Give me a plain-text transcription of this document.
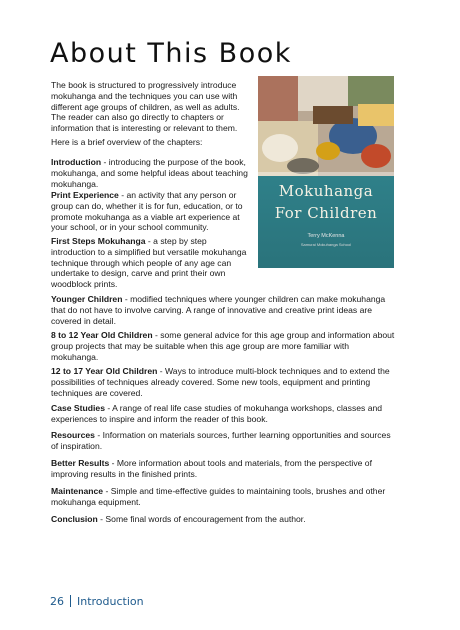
About This Book

The book is structured to progressively introduce mokuhanga and the techniques you can use with different age groups of children, as well as adults. The reader can also go directly to chapters or information that is interesting or relevant to them.

Here is a brief overview of the chapters:

Introduction - introducing the purpose of the book, mokuhanga, and some helpful ideas about teaching mokuhanga.

Print Experience - an activity that any person or group can do, whether it is for fun, education, or to promote mokuhanga as a viable art experience at your school, or in your school community.

First Steps Mokuhanga - a step by step introduction to a simplified but versatile mokuhanga technique through which people of any age can undertake to design, carve and print their own woodblock prints.

Younger Children - modified techniques where younger children can make mokuhanga that do not have to involve carving. A range of innovative and creative print ideas are covered in detail.

8 to 12 Year Old Children - some general advice for this age group and information about group projects that may be suitable when this age group are more familiar with mokuhanga.

12 to 17 Year Old Children - Ways to introduce multi-block techniques and to extend the possibilities of techniques already covered. Some new tools, equipment and printing techniques are covered.

Case Studies - A range of real life case studies of mokuhanga workshops, classes and experiences to inspire and inform the reader of this book.

Resources - Information on materials sources, further learning opportunities and sources of inspiration.

Better Results - More information about tools and materials, from the perspective of improving results in the finished prints.

Maintenance - Simple and time-effective guides to maintaining tools, brushes and other mokuhanga equipment.

Conclusion - Some final words of encouragement from the author.

Mokuhanga
For Children
Terry McKenna
Samurai Mokuhanga School
26 Introduction
